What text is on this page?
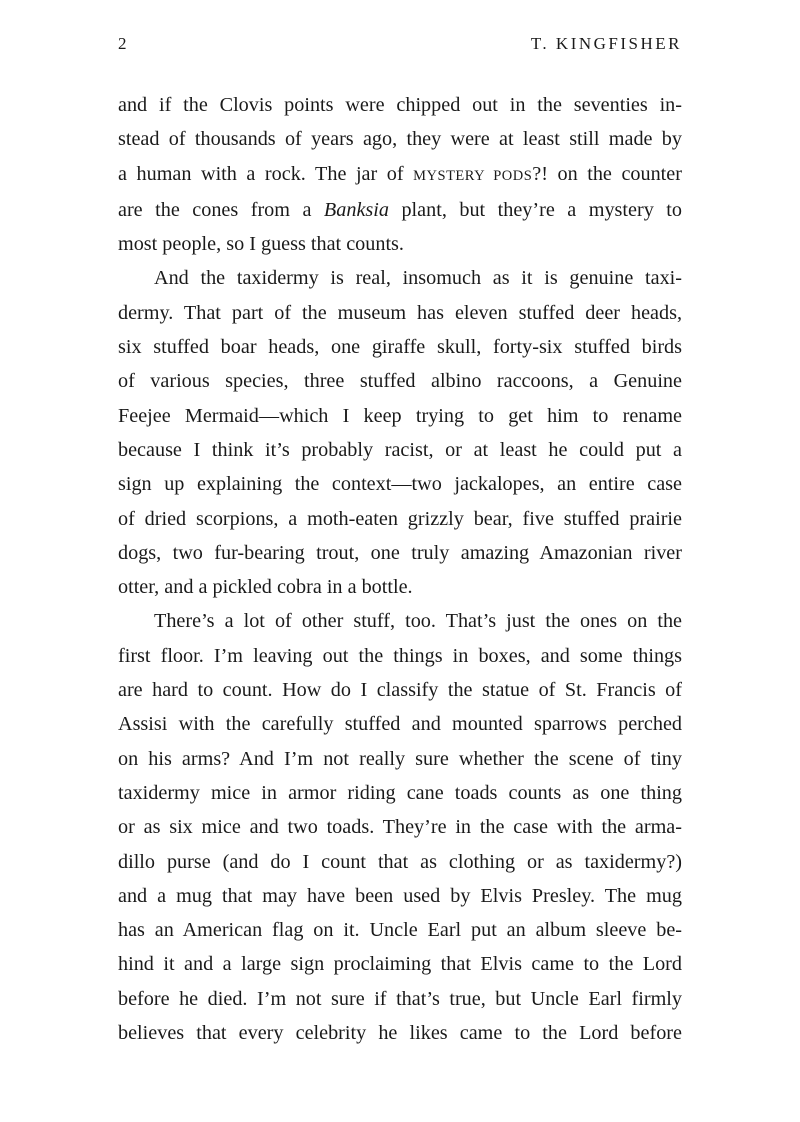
2	T. KINGFISHER
and if the Clovis points were chipped out in the seventies in-
stead of thousands of years ago, they were at least still made by
a human with a rock. The jar of MYSTERY PODS?! on the counter
are the cones from a Banksia plant, but they’re a mystery to
most people, so I guess that counts.
And the taxidermy is real, insomuch as it is genuine taxi-
dermy. That part of the museum has eleven stuffed deer heads,
six stuffed boar heads, one giraffe skull, forty-six stuffed birds
of various species, three stuffed albino raccoons, a Genuine
Feejee Mermaid—which I keep trying to get him to rename
because I think it’s probably racist, or at least he could put a
sign up explaining the context—two jackalopes, an entire case
of dried scorpions, a moth-eaten grizzly bear, five stuffed prairie
dogs, two fur-bearing trout, one truly amazing Amazonian river
otter, and a pickled cobra in a bottle.
There’s a lot of other stuff, too. That’s just the ones on the
first floor. I’m leaving out the things in boxes, and some things
are hard to count. How do I classify the statue of St. Francis of
Assisi with the carefully stuffed and mounted sparrows perched
on his arms? And I’m not really sure whether the scene of tiny
taxidermy mice in armor riding cane toads counts as one thing
or as six mice and two toads. They’re in the case with the arma-
dillo purse (and do I count that as clothing or as taxidermy?)
and a mug that may have been used by Elvis Presley. The mug
has an American flag on it. Uncle Earl put an album sleeve be-
hind it and a large sign proclaiming that Elvis came to the Lord
before he died. I’m not sure if that’s true, but Uncle Earl firmly
believes that every celebrity he likes came to the Lord before
